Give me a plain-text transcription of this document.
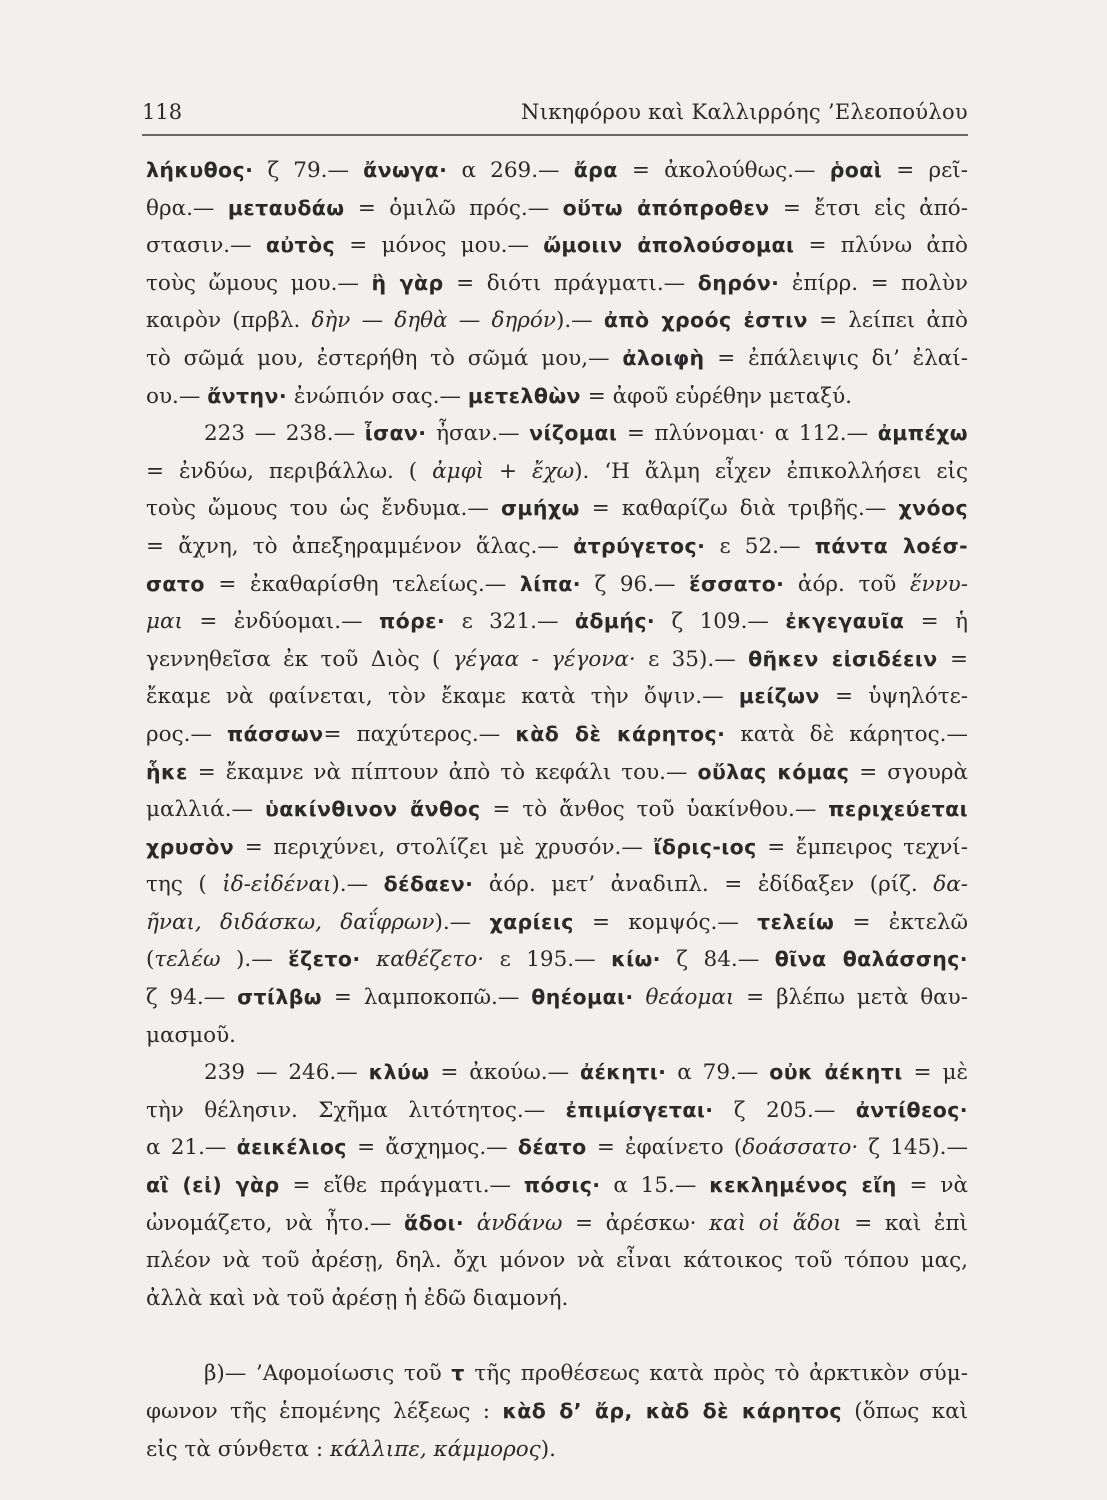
118	Νικηφόρου καὶ Καλλιρρόης ’Ελεοπούλου
λήκυθος· ζ 79.— ἄνωγα· α 269.— ἄρα = ἀκολούθως.— ῥοαὶ = ρεῖ-
θρα.— μεταυδάω = ὁμιλῶ πρός.— οὕτω ἀπόπροθεν = ἔτσι εἰς ἀπό-
στασιν.— αὐτὸς = μόνος μου.— ὤμοιιν ἀπολούσομαι = πλύνω ἀπὸ
τοὺς ὤμους μου.— ἢ γὰρ = διότι πράγματι.— δηρόν· ἐπίρρ. = πολὺν
καιρὸν (πρβλ. δὴν — δηθὰ — δηρόν).— ἀπὸ χροός ἐστιν = λείπει ἀπὸ
τὸ σῶμά μου, ἐστερήθη τὸ σῶμά μου,— ἀλοιφὴ = ἐπάλειψις δι’ ἐλαί-
ου.— ἄντην· ἐνώπιόν σας.— μετελθὼν = ἀφοῦ εὑρέθην μεταξύ.
223 — 238.— ἶσαν· ἦσαν.— νίζομαι = πλύνομαι· α 112.— ἀμπέχω
= ἐνδύω, περιβάλλω. ( ἀμφὶ + ἔχω). ‘Η ἄλμη εἶχεν ἐπικολλήσει εἰς
τοὺς ὤμους του ὡς ἔνδυμα.— σμήχω = καθαρίζω διὰ τριβῆς.— χνόος
= ἄχνη, τὸ ἀπεξηραμμένον ἅλας.— ἀτρύγετος· ε 52.— πάντα λοέσ-
σατο = ἐκαθαρίσθη τελείως.— λίπα· ζ 96.— ἕσσατο· ἀόρ. τοῦ ἕννυ-
μαι = ἐνδύομαι.— πόρε· ε 321.— ἀδμής· ζ 109.— ἐκγεγαυῖα = ἡ
γεννηθεῖσα ἐκ τοῦ Διὸς ( γέγαα - γέγονα· ε 35).— θῆκεν εἰσιδέειν =
ἔκαμε νὰ φαίνεται, τὸν ἔκαμε κατὰ τὴν ὄψιν.— μείζων = ὑψηλότε-
ρος.— πάσσων= παχύτερος.— κὰδ δὲ κάρητος· κατὰ δὲ κάρητος.—
ἧκε = ἔκαμνε νὰ πίπτουν ἀπὸ τὸ κεφάλι του.— οὔλας κόμας = σγουρὰ
μαλλιά.— ὑακίνθινον ἄνθος = τὸ ἄνθος τοῦ ὑακίνθου.— περιχεύεται
χρυσὸν = περιχύνει, στολίζει μὲ χρυσόν.— ἴδρις-ιος = ἔμπειρος τεχνί-
της ( ἰδ-εἰδέναι).— δέδαεν· ἀόρ. μετ’ ἀναδιπλ. = ἐδίδαξεν (ρίζ. δα-
ῆναι, διδάσκω, δαΐφρων).— χαρίεις = κομψός.— τελείω = ἐκτελῶ
(τελέω ).— ἕζετο· καθέζετο· ε 195.— κίω· ζ 84.— θῖνα θαλάσσης·
ζ 94.— στίλβω = λαμποκοπῶ.— θηέομαι· θεάομαι = βλέπω μετὰ θαυ-
μασμοῦ.
239 — 246.— κλύω = ἀκούω.— ἀέκητι· α 79.— οὐκ ἀέκητι = μὲ
τὴν θέλησιν. Σχῆμα λιτότητος.— ἐπιμίσγεται· ζ 205.— ἀντίθεος·
α 21.— ἀεικέλιος = ἄσχημος.— δέατο = ἐφαίνετο (δοάσσατο· ζ 145).—
αἲ (εἰ) γὰρ = εἴθε πράγματι.— πόσις· α 15.— κεκλημένος εἴη = νὰ
ὠνομάζετο, νὰ ἦτο.— ἅδοι· ἁνδάνω = ἀρέσκω· καὶ οἱ ἅδοι = καὶ ἐπὶ
πλέον νὰ τοῦ ἀρέσῃ, δηλ. ὄχι μόνον νὰ εἶναι κάτοικος τοῦ τόπου μας,
ἀλλὰ καὶ νὰ τοῦ ἀρέσῃ ἡ ἐδῶ διαμονή.
β)— ’Αφομοίωσις τοῦ τ τῆς προθέσεως κατὰ πρὸς τὸ ἀρκτικὸν σύμ-
φωνον τῆς ἑπομένης λέξεως : κὰδ δ’ ἄρ, κὰδ δὲ κάρητος (ὅπως καὶ
εἰς τὰ σύνθετα : κάλλιπε, κάμμορος).
